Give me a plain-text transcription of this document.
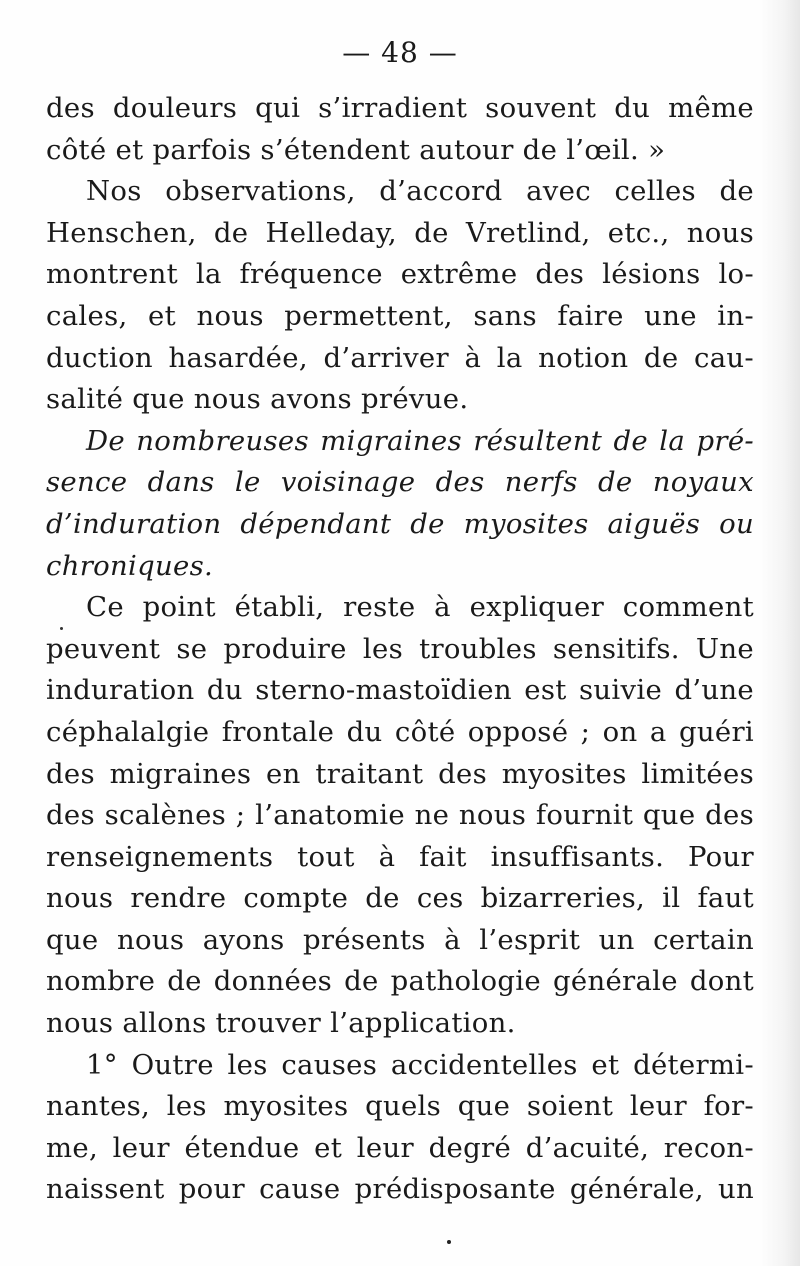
— 48 —
des douleurs qui s’irradient souvent du même
côté et parfois s’étendent autour de l’œil. »
Nos observations, d’accord avec celles de
Henschen, de Helleday, de Vretlind, etc., nous
montrent la fréquence extrême des lésions lo-
cales, et nous permettent, sans faire une in-
duction hasardée, d’arriver à la notion de cau-
salité que nous avons prévue.
De nombreuses migraines résultent de la pré-
sence dans le voisinage des nerfs de noyaux
d’induration dépendant de myosites aiguës ou
chroniques.
Ce point établi, reste à expliquer comment
peuvent se produire les troubles sensitifs. Une
induration du sterno-mastoïdien est suivie d’une
céphalalgie frontale du côté opposé ; on a guéri
des migraines en traitant des myosites limitées
des scalènes ; l’anatomie ne nous fournit que des
renseignements tout à fait insuffisants. Pour
nous rendre compte de ces bizarreries, il faut
que nous ayons présents à l’esprit un certain
nombre de données de pathologie générale dont
nous allons trouver l’application.
1° Outre les causes accidentelles et détermi-
nantes, les myosites quels que soient leur for-
me, leur étendue et leur degré d’acuité, recon-
naissent pour cause prédisposante générale, un
